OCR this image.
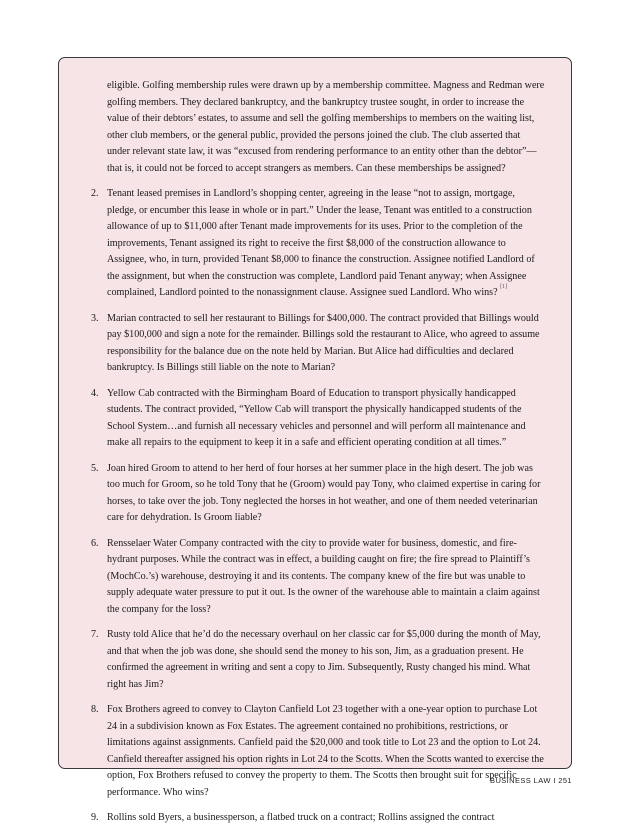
eligible. Golfing membership rules were drawn up by a membership committee. Magness and Redman were golfing members. They declared bankruptcy, and the bankruptcy trustee sought, in order to increase the value of their debtors’ estates, to assume and sell the golfing memberships to members on the waiting list, other club members, or the general public, provided the persons joined the club. The club asserted that under relevant state law, it was “excused from rendering performance to an entity other than the debtor”—that is, it could not be forced to accept strangers as members. Can these memberships be assigned?

2. Tenant leased premises in Landlord’s shopping center, agreeing in the lease “not to assign, mortgage, pledge, or encumber this lease in whole or in part.” Under the lease, Tenant was entitled to a construction allowance of up to $11,000 after Tenant made improvements for its uses. Prior to the completion of the improvements, Tenant assigned its right to receive the first $8,000 of the construction allowance to Assignee, who, in turn, provided Tenant $8,000 to finance the construction. Assignee notified Landlord of the assignment, but when the construction was complete, Landlord paid Tenant anyway; when Assignee complained, Landlord pointed to the nonassignment clause. Assignee sued Landlord. Who wins? [1]
3. Marian contracted to sell her restaurant to Billings for $400,000. The contract provided that Billings would pay $100,000 and sign a note for the remainder. Billings sold the restaurant to Alice, who agreed to assume responsibility for the balance due on the note held by Marian. But Alice had difficulties and declared bankruptcy. Is Billings still liable on the note to Marian?
4. Yellow Cab contracted with the Birmingham Board of Education to transport physically handicapped students. The contract provided, “Yellow Cab will transport the physically handicapped students of the School System…and furnish all necessary vehicles and personnel and will perform all maintenance and make all repairs to the equipment to keep it in a safe and efficient operating condition at all times.”
5. Joan hired Groom to attend to her herd of four horses at her summer place in the high desert. The job was too much for Groom, so he told Tony that he (Groom) would pay Tony, who claimed expertise in caring for horses, to take over the job. Tony neglected the horses in hot weather, and one of them needed veterinarian care for dehydration. Is Groom liable?
6. Rensselaer Water Company contracted with the city to provide water for business, domestic, and fire-hydrant purposes. While the contract was in effect, a building caught on fire; the fire spread to Plaintiff’s (MochCo.’s) warehouse, destroying it and its contents. The company knew of the fire but was unable to supply adequate water pressure to put it out. Is the owner of the warehouse able to maintain a claim against the company for the loss?
7. Rusty told Alice that he’d do the necessary overhaul on her classic car for $5,000 during the month of May, and that when the job was done, she should send the money to his son, Jim, as a graduation present. He confirmed the agreement in writing and sent a copy to Jim. Subsequently, Rusty changed his mind. What right has Jim?
8. Fox Brothers agreed to convey to Clayton Canfield Lot 23 together with a one-year option to purchase Lot 24 in a subdivision known as Fox Estates. The agreement contained no prohibitions, restrictions, or limitations against assignments. Canfield paid the $20,000 and took title to Lot 23 and the option to Lot 24. Canfield thereafter assigned his option rights in Lot 24 to the Scotts. When the Scotts wanted to exercise the option, Fox Brothers refused to convey the property to them. The Scotts then brought suit for specific performance. Who wins?
9. Rollins sold Byers, a businessperson, a flatbed truck on a contract; Rollins assigned the contract
BUSINESS LAW I 251
